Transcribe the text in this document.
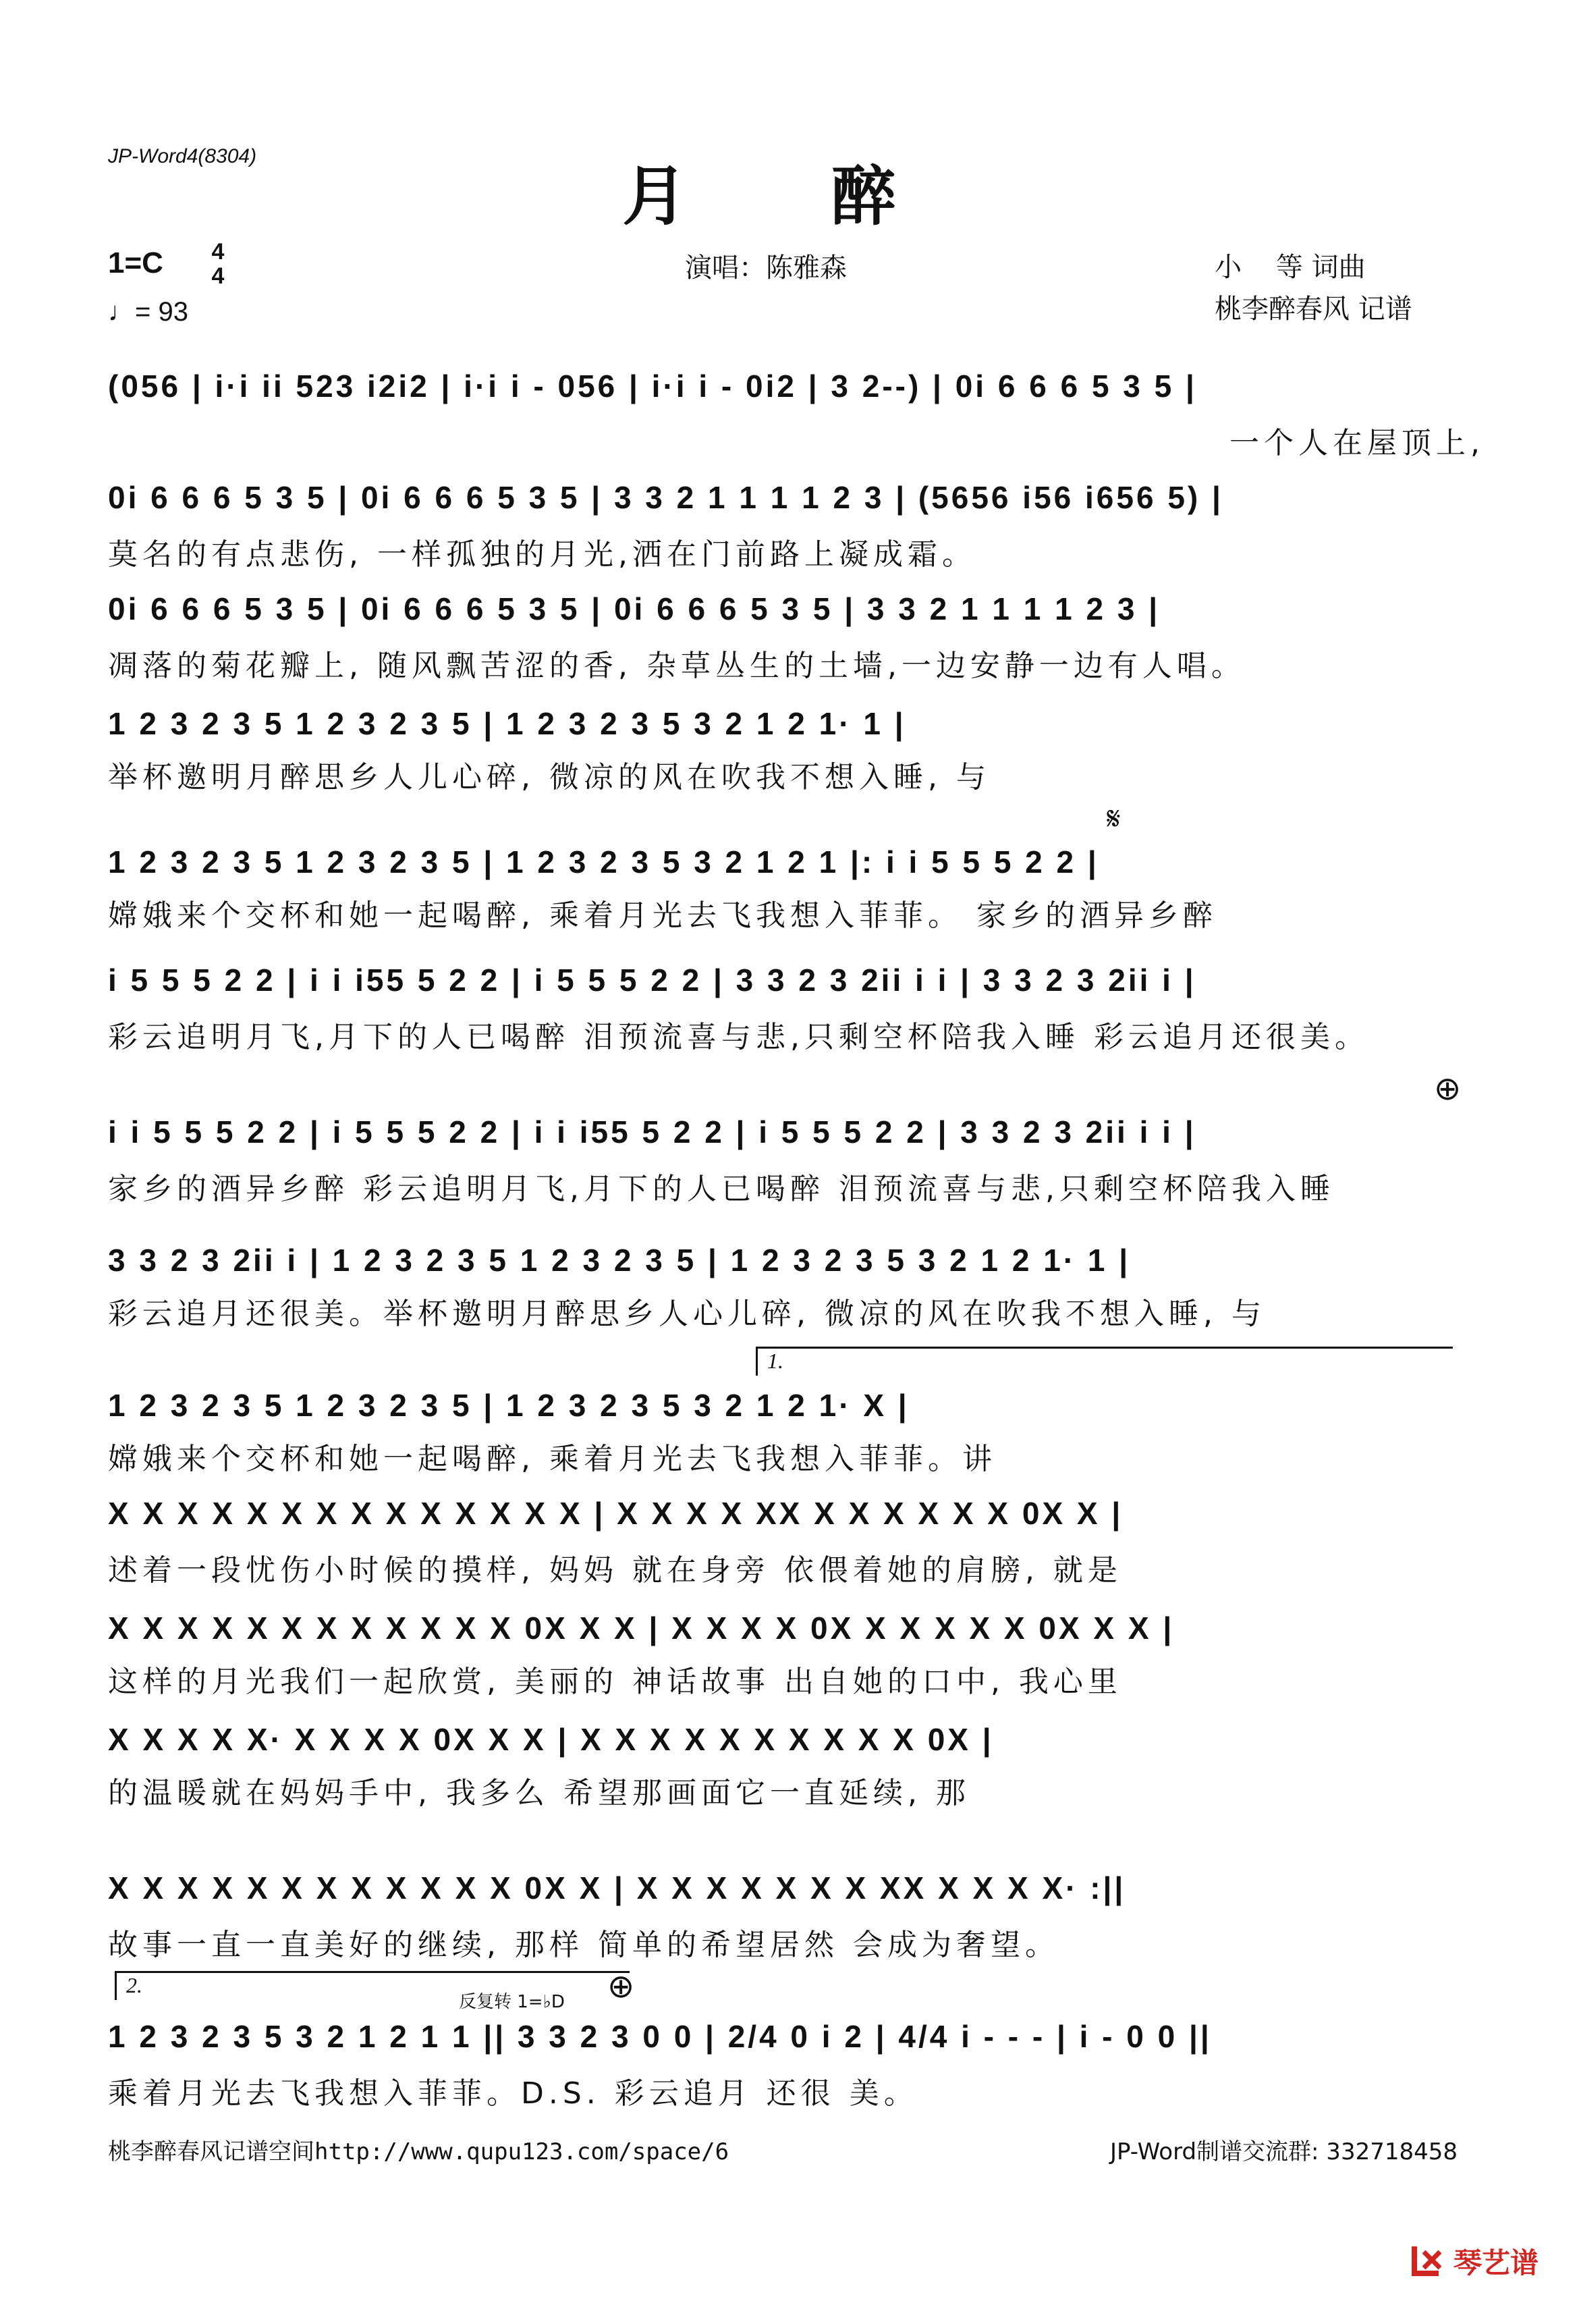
JP-Word4(8304)
月 醉
1=C 4
4
♩= 93
演唱：陈雅森	小    等 词曲
桃李醉春风 记谱
(056 | i·i ii 523 i2i2 | i·i i - 056 | i·i i - 0i2 | 3 2--) | 0i 6 6 6 5 3 5 |
一个人在屋顶上,
0i 6 6 6 5 3 5 | 0i 6 6 6 5 3 5 | 3 3 2 1 1 1 1 2 3 | (5656 i56 i656 5) |
莫名的有点悲伤, 一样孤独的月光,洒在门前路上凝成霜。
0i 6 6 6 5 3 5 | 0i 6 6 6 5 3 5 | 0i 6 6 6 5 3 5 | 3 3 2 1 1 1 1 2 3 |
凋落的菊花瓣上, 随风飘苦涩的香, 杂草丛生的土墙,一边安静一边有人唱。
1 2 3 2 3 5 1 2 3 2 3 5 | 1 2 3 2 3 5 3 2 1 2 1· 1 |
举杯邀明月醉思乡人儿心碎, 微凉的风在吹我不想入睡, 与
𝄋
1 2 3 2 3 5 1 2 3 2 3 5 | 1 2 3 2 3 5 3 2 1 2 1 |: i i 5 5 5 2 2 |
嫦娥来个交杯和她一起喝醉, 乘着月光去飞我想入菲菲。 家乡的酒异乡醉
i 5 5 5 2 2 | i i i55 5 2 2 | i 5 5 5 2 2 | 3 3 2 3 2ii i i | 3 3 2 3 2ii i |
彩云追明月飞,月下的人已喝醉 泪预流喜与悲,只剩空杯陪我入睡 彩云追月还很美。
⊕
i i 5 5 5 2 2 | i 5 5 5 2 2 | i i i55 5 2 2 | i 5 5 5 2 2 | 3 3 2 3 2ii i i |
家乡的酒异乡醉 彩云追明月飞,月下的人已喝醉 泪预流喜与悲,只剩空杯陪我入睡
3 3 2 3 2ii i | 1 2 3 2 3 5 1 2 3 2 3 5 | 1 2 3 2 3 5 3 2 1 2 1· 1 |
彩云追月还很美。举杯邀明月醉思乡人心儿碎, 微凉的风在吹我不想入睡, 与
1.
1 2 3 2 3 5 1 2 3 2 3 5 | 1 2 3 2 3 5 3 2 1 2 1· X |
嫦娥来个交杯和她一起喝醉, 乘着月光去飞我想入菲菲。讲
X X X X X X X X X X X X X X | X X X X XX X X X X X X 0X X |
述着一段忧伤小时候的摸样, 妈妈 就在身旁 依偎着她的肩膀, 就是
X X X X X X X X X X X X 0X X X | X X X X 0X X X X X X 0X X X |
这样的月光我们一起欣赏, 美丽的 神话故事 出自她的口中, 我心里
X X X X X· X X X X 0X X X | X X X X X X X X X X 0X |
的温暖就在妈妈手中, 我多么 希望那画面它一直延续, 那
X X X X X X X X X X X X 0X X | X X X X X X X XX X X X X· :||
故事一直一直美好的继续, 那样 简单的希望居然 会成为奢望。
2.
反复转 1=♭D ⊕
1 2 3 2 3 5 3 2 1 2 1 1 || 3 3 2 3 0 0 | 2/4 0 i 2 | 4/4 i - - - | i - 0 0 ||
乘着月光去飞我想入菲菲。D.S. 彩云追月 还很 美。
桃李醉春风记谱空间http://www.qupu123.com/space/6	JP-Word制谱交流群: 332718458
琴艺谱
